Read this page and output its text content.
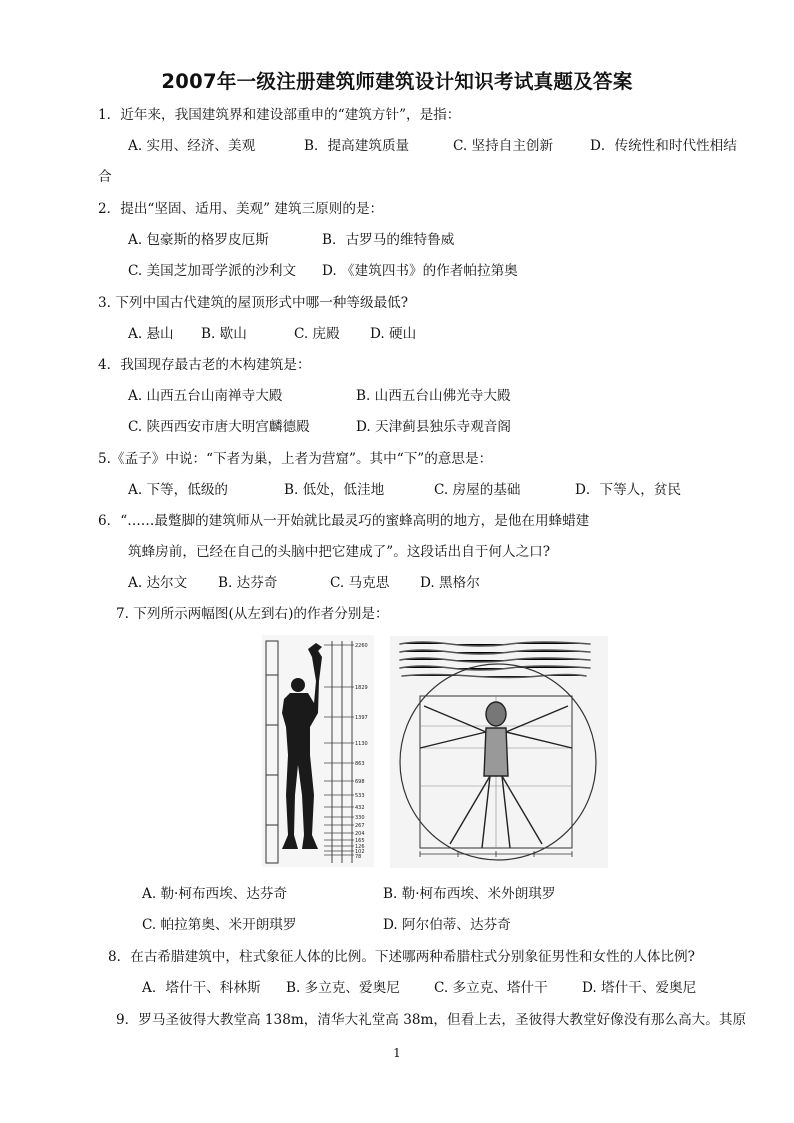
2007年一级注册建筑师建筑设计知识考试真题及答案
1．近年来，我国建筑界和建设部重申的“建筑方针”，是指：
A. 实用、经济、美观	B．提高建筑质量	C. 坚持自主创新	D．传统性和时代性相结
合
2．提出“坚固、适用、美观” 建筑三原则的是：
A. 包豪斯的格罗皮厄斯	B．古罗马的维特鲁威
C. 美国芝加哥学派的沙利文 D. 《建筑四书》的作者帕拉第奥
3. 下列中国古代建筑的屋顶形式中哪一种等级最低?
A. 悬山 B. 歇山	C. 庑殿 D. 硬山
4．我国现存最古老的木构建筑是：
A. 山西五台山南禅寺大殿	B. 山西五台山佛光寺大殿
C. 陕西西安市唐大明宫麟德殿	D. 天津蓟县独乐寺观音阁
5.《孟子》中说：“下者为巢，上者为营窟”。其中“下”的意思是：
A. 下等，低级的	B. 低处，低洼地	C. 房屋的基础	D．下等人，贫民
6．“……最蹩脚的建筑师从一开始就比最灵巧的蜜蜂高明的地方，是他在用蜂蜡建
筑蜂房前，已经在自己的头脑中把它建成了”。这段话出自于何人之口?
A. 达尔文 B. 达芬奇	C. 马克思 D. 黑格尔
7. 下列所示两幅图(从左到右)的作者分别是：
2260
1829
1397
1130
863
698
533
432
330
267
204
165
126
102
78
A. 勒·柯布西埃、达芬奇	B. 勒·柯布西埃、米外朗琪罗
C. 帕拉第奥、米开朗琪罗	D. 阿尔伯蒂、达芬奇
8．在古希腊建筑中，柱式象征人体的比例。下述哪两种希腊柱式分别象征男性和女性的人体比例?
A．塔什干、科林斯 B. 多立克、爱奥尼	C. 多立克、塔什干	D. 塔什干、爱奥尼
9．罗马圣彼得大教堂高 138m，清华大礼堂高 38m，但看上去，圣彼得大教堂好像没有那么高大。其原
1
